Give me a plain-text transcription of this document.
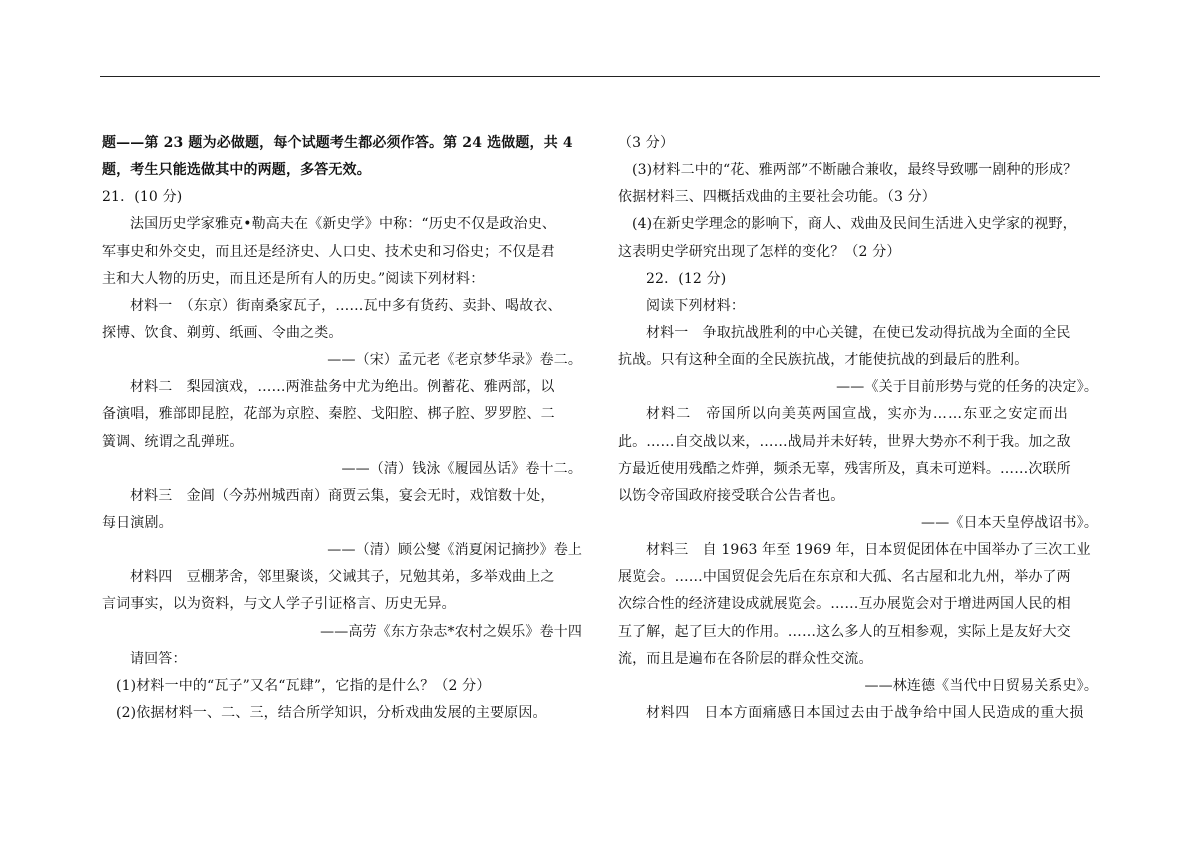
题——第 23 题为必做题，每个试题考生都必须作答。第 24 选做题，共 4
题，考生只能选做其中的两题，多答无效。
21．(10 分)
法国历史学家雅克•勒高夫在《新史学》中称：“历史不仅是政治史、
军事史和外交史，而且还是经济史、人口史、技术史和习俗史；不仅是君
主和大人物的历史，而且还是所有人的历史。”阅读下列材料：
材料一　（东京）街南桑家瓦子，……瓦中多有货药、卖卦、喝故衣、
探博、饮食、剃剪、纸画、令曲之类。
——（宋）孟元老《老京梦华录》卷二。
材料二　梨园演戏，……两淮盐务中尤为绝出。例蓄花、雅两部，以
备演唱，雅部即昆腔，花部为京腔、秦腔、戈阳腔、梆子腔、罗罗腔、二
簧调、统谓之乱弹班。
——（清）钱泳《履园丛话》卷十二。
材料三　金阊（今苏州城西南）商贾云集，宴会无时，戏馆数十处，
每日演剧。
——（清）顾公燮《消夏闲记摘抄》卷上
材料四　豆棚茅舍，邻里聚谈，父诫其子，兄勉其弟，多举戏曲上之
言词事实，以为资料，与文人学子引证格言、历史无异。
——高劳《东方杂志*农村之娱乐》卷十四
请回答：
(1)材料一中的“瓦子”又名“瓦肆”，它指的是什么？（2 分）
(2)依据材料一、二、三，结合所学知识，分析戏曲发展的主要原因。
（3 分）
(3)材料二中的“花、雅两部”不断融合兼收，最终导致哪一剧种的形成？
依据材料三、四概括戏曲的主要社会功能。（3 分）
(4)在新史学理念的影响下，商人、戏曲及民间生活进入史学家的视野，
这表明史学研究出现了怎样的变化？（2 分）
22．(12 分)
阅读下列材料：
材料一　争取抗战胜利的中心关键，在使已发动得抗战为全面的全民
抗战。只有这种全面的全民族抗战，才能使抗战的到最后的胜利。
——《关于目前形势与党的任务的决定》。
材料二　帝国所以向美英两国宣战，实亦为……东亚之安定而出
此。……自交战以来，……战局并未好转，世界大势亦不利于我。加之敌
方最近使用残酷之炸弹，频杀无辜，残害所及，真未可逆料。……次联所
以饬令帝国政府接受联合公告者也。
——《日本天皇停战诏书》。
材料三　自 1963 年至 1969 年，日本贸促团体在中国举办了三次工业
展览会。……中国贸促会先后在东京和大孤、名古屋和北九州，举办了两
次综合性的经济建设成就展览会。……互办展览会对于增进两国人民的相
互了解，起了巨大的作用。……这么多人的互相参观，实际上是友好大交
流，而且是遍布在各阶层的群众性交流。
——林连德《当代中日贸易关系史》。
材料四　日本方面痛感日本国过去由于战争给中国人民造成的重大损
